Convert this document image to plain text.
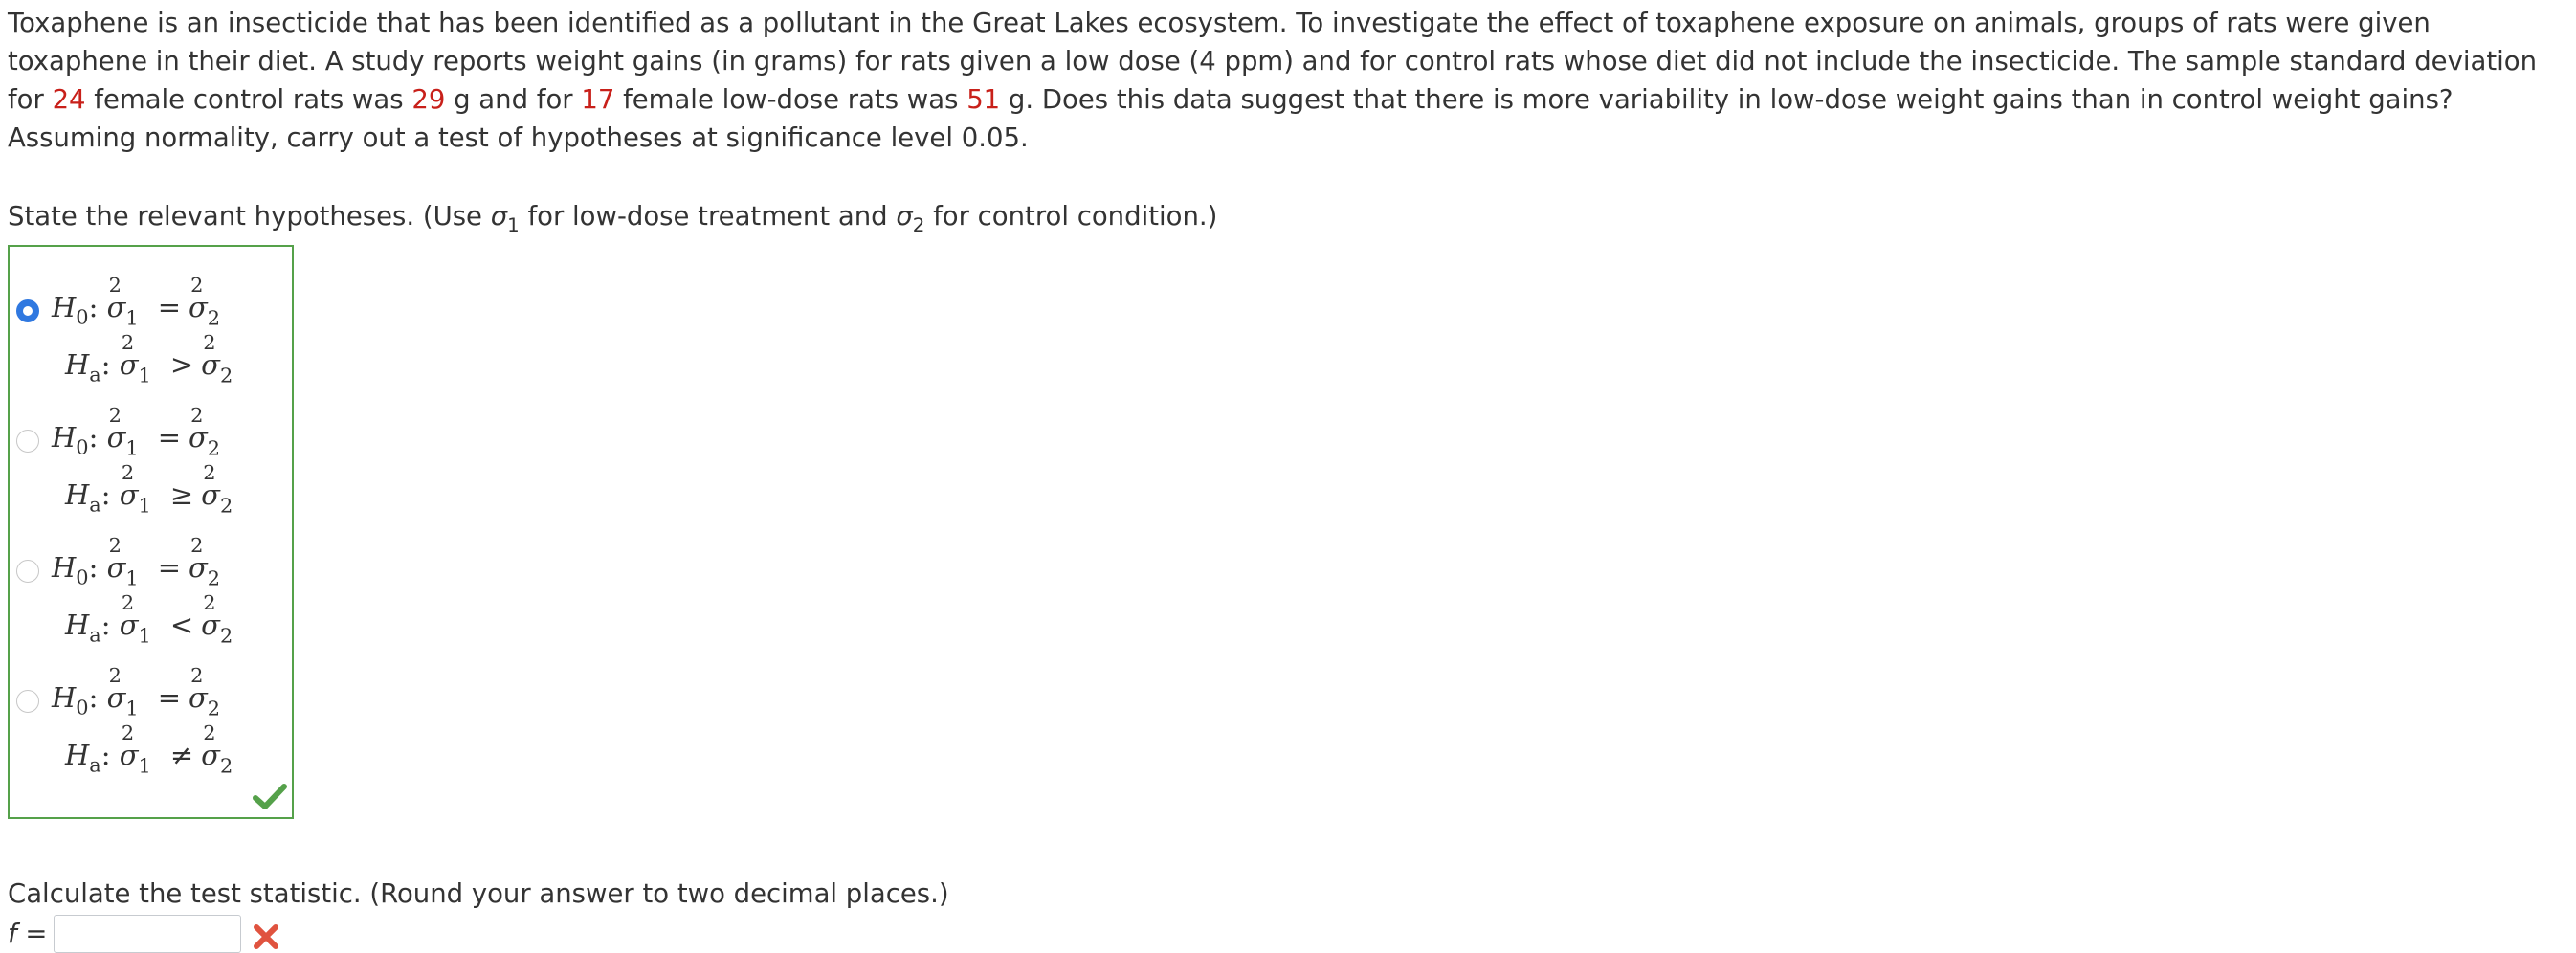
Toxaphene is an insecticide that has been identified as a pollutant in the Great Lakes ecosystem. To investigate the effect of toxaphene exposure on animals, groups of rats were given toxaphene in their diet. A study reports weight gains (in grams) for rats given a low dose (4 ppm) and for control rats whose diet did not include the insecticide. The sample standard deviation for 24 female control rats was 29 g and for 17 female low-dose rats was 51 g. Does this data suggest that there is more variability in low-dose weight gains than in control weight gains? Assuming normality, carry out a test of hypotheses at significance level 0.05.

State the relevant hypotheses. (Use $\sigma_1$ for low-dose treatment and $\sigma_2$ for control condition.)

$H_0$: σ
2
$_1$ = σ
2
$_2$
$H_a$: σ
2
$_1$ > σ
2
$_2$
$H_0$: σ
2
$_1$ = σ
2
$_2$
$H_a$: σ
2
$_1$ ≥ σ
2
$_2$
$H_0$: σ
2
$_1$ = σ
2
$_2$
$H_a$: σ
2
$_1$ < σ
2
$_2$
$H_0$: σ
2
$_1$ = σ
2
$_2$
$H_a$: σ
2
$_1$ ≠ σ
2
$_2$

Calculate the test statistic. (Round your answer to two decimal places.)

f =
